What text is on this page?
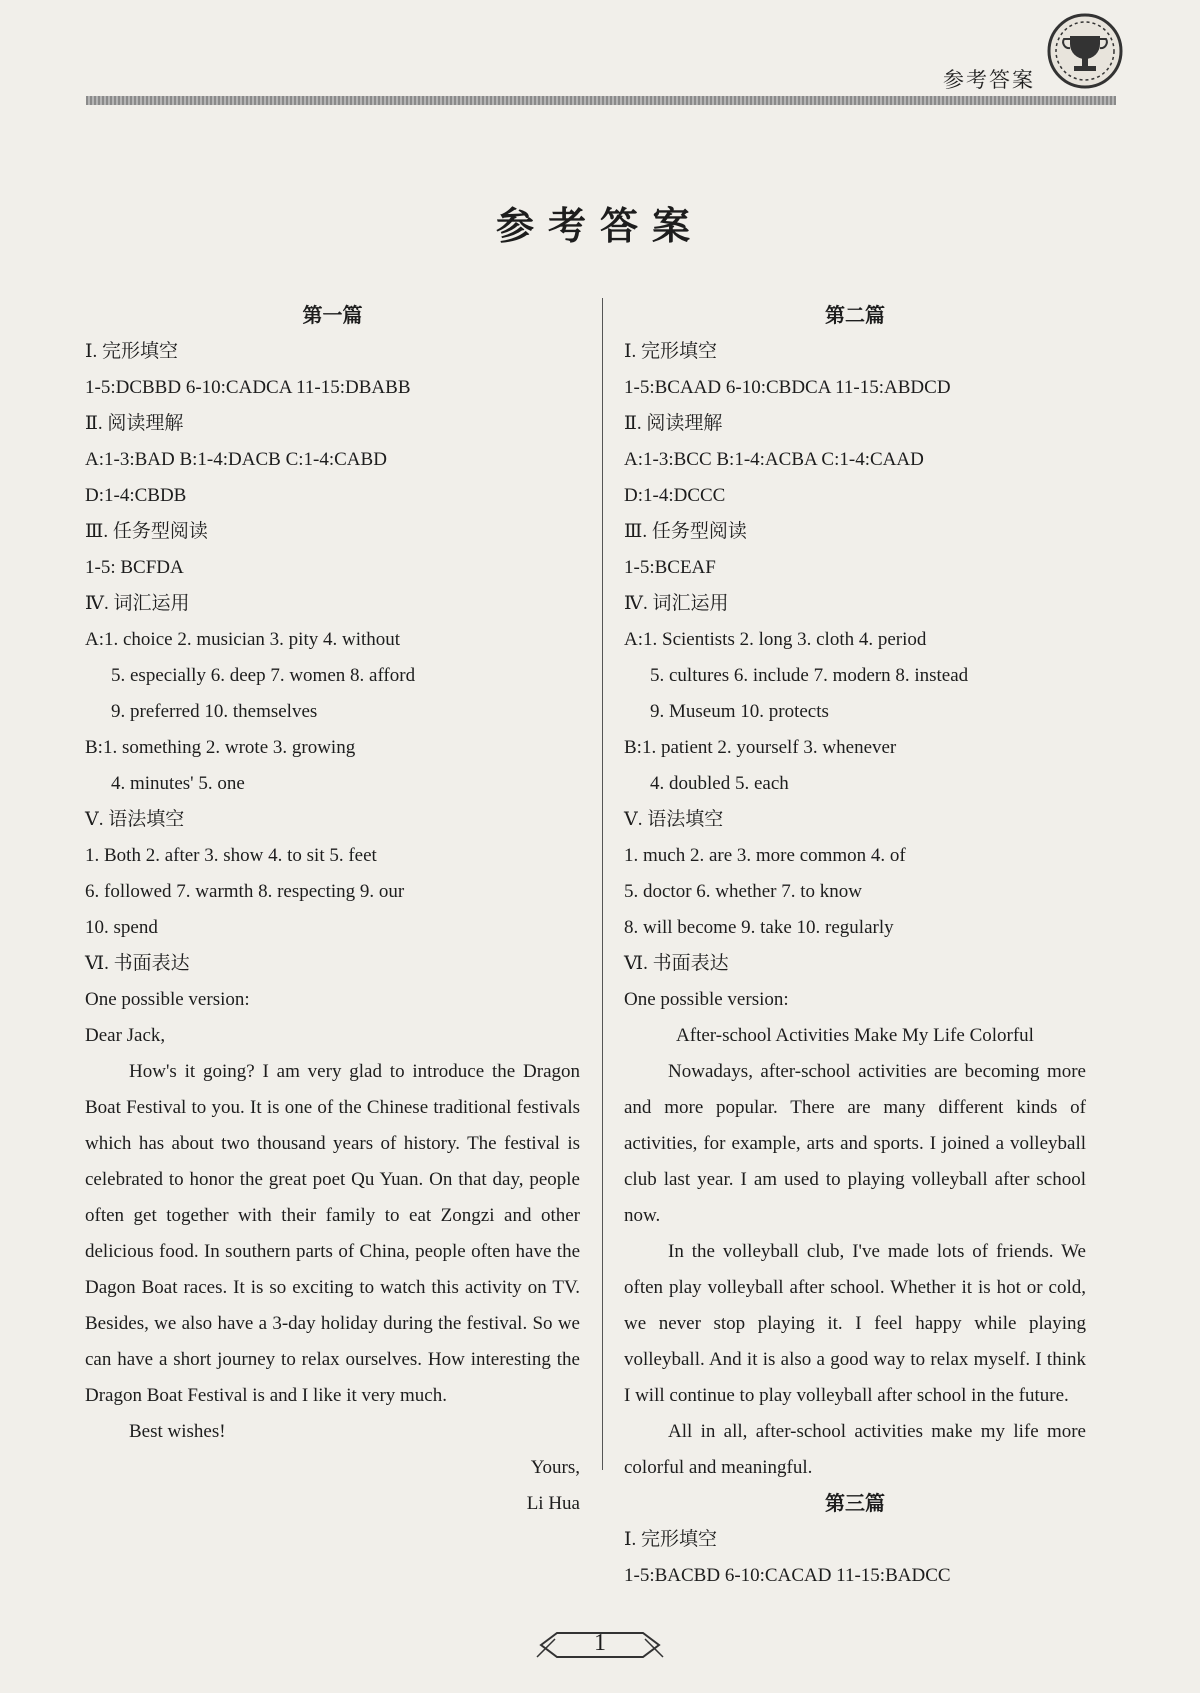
参考答案
参考答案
第一篇
Ⅰ. 完形填空
1-5:DCBBD 6-10:CADCA 11-15:DBABB
Ⅱ. 阅读理解
A:1-3:BAD B:1-4:DACB C:1-4:CABD
D:1-4:CBDB
Ⅲ. 任务型阅读
1-5: BCFDA
Ⅳ. 词汇运用
A:1. choice 2. musician 3. pity 4. without
5. especially 6. deep 7. women 8. afford
9. preferred 10. themselves
B:1. something 2. wrote 3. growing
4. minutes' 5. one
Ⅴ. 语法填空
1. Both 2. after 3. show 4. to sit 5. feet
6. followed 7. warmth 8. respecting 9. our
10. spend
Ⅵ. 书面表达
One possible version:
Dear Jack,
How's it going? I am very glad to introduce the Dragon Boat Festival to you. It is one of the Chinese traditional festivals which has about two thousand years of history. The festival is celebrated to honor the great poet Qu Yuan. On that day, people often get together with their family to eat Zongzi and other delicious food. In southern parts of China, people often have the Dagon Boat races. It is so exciting to watch this activity on TV. Besides, we also have a 3-day holiday during the festival. So we can have a short journey to relax ourselves. How interesting the Dragon Boat Festival is and I like it very much.
Best wishes!
Yours,
Li Hua
第二篇
Ⅰ. 完形填空
1-5:BCAAD 6-10:CBDCA 11-15:ABDCD
Ⅱ. 阅读理解
A:1-3:BCC B:1-4:ACBA C:1-4:CAAD
D:1-4:DCCC
Ⅲ. 任务型阅读
1-5:BCEAF
Ⅳ. 词汇运用
A:1. Scientists 2. long 3. cloth 4. period
5. cultures 6. include 7. modern 8. instead
9. Museum 10. protects
B:1. patient 2. yourself 3. whenever
4. doubled 5. each
Ⅴ. 语法填空
1. much 2. are 3. more common 4. of
5. doctor 6. whether 7. to know
8. will become 9. take 10. regularly
Ⅵ. 书面表达
One possible version:
After-school Activities Make My Life Colorful
Nowadays, after-school activities are becoming more and more popular. There are many different kinds of activities, for example, arts and sports. I joined a volleyball club last year. I am used to playing volleyball after school now.
In the volleyball club, I've made lots of friends. We often play volleyball after school. Whether it is hot or cold, we never stop playing it. I feel happy while playing volleyball. And it is also a good way to relax myself. I think I will continue to play volleyball after school in the future.
All in all, after-school activities make my life more colorful and meaningful.
第三篇
Ⅰ. 完形填空
1-5:BACBD 6-10:CACAD 11-15:BADCC
1
